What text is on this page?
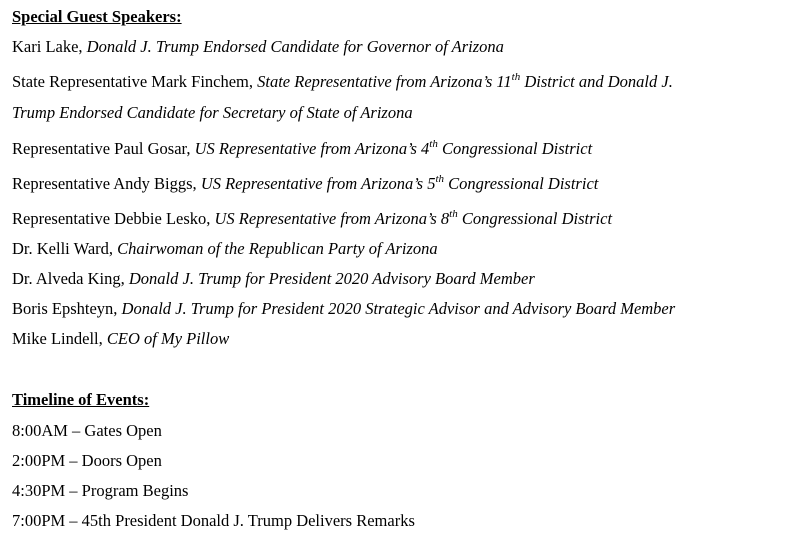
Special Guest Speakers:
Kari Lake, Donald J. Trump Endorsed Candidate for Governor of Arizona
State Representative Mark Finchem, State Representative from Arizona’s 11th District and Donald J.
Trump Endorsed Candidate for Secretary of State of Arizona
Representative Paul Gosar, US Representative from Arizona’s 4th Congressional District
Representative Andy Biggs, US Representative from Arizona’s 5th Congressional District
Representative Debbie Lesko, US Representative from Arizona’s 8th Congressional District
Dr. Kelli Ward, Chairwoman of the Republican Party of Arizona
Dr. Alveda King, Donald J. Trump for President 2020 Advisory Board Member
Boris Epshteyn, Donald J. Trump for President 2020 Strategic Advisor and Advisory Board Member
Mike Lindell, CEO of My Pillow
Timeline of Events:
8:00AM – Gates Open
2:00PM – Doors Open
4:30PM – Program Begins
7:00PM – 45th President Donald J. Trump Delivers Remarks
